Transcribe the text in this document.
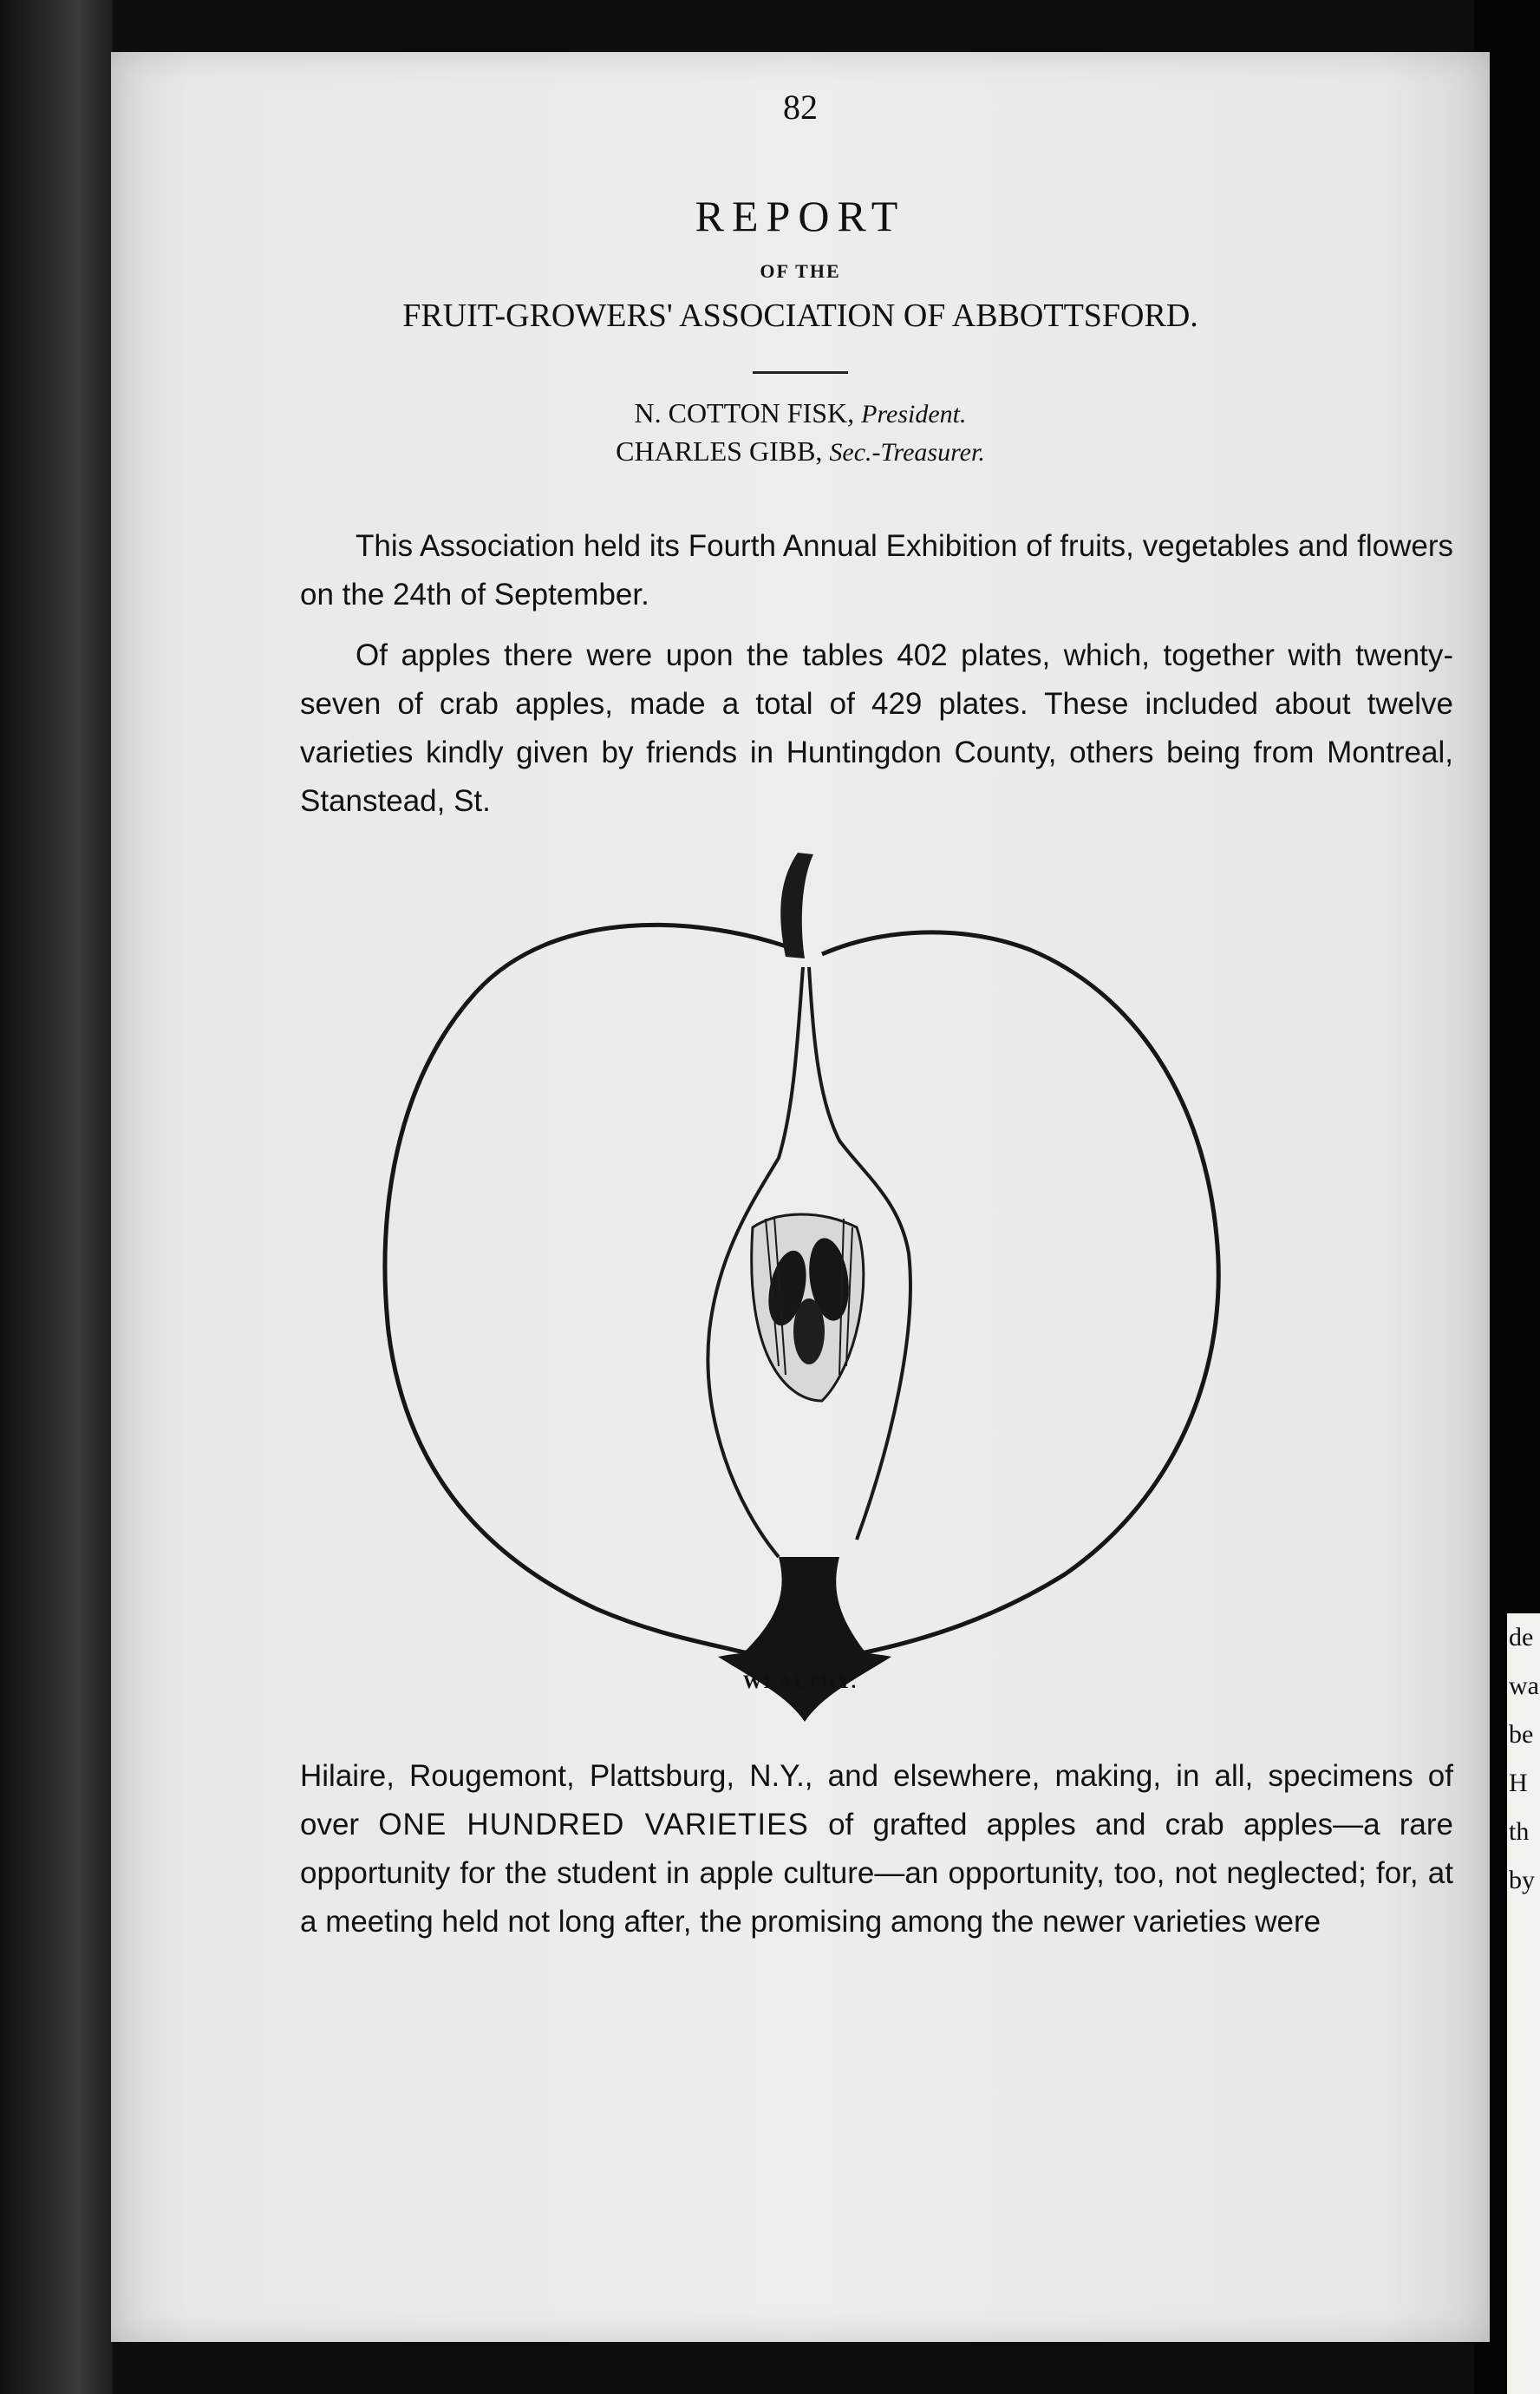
de
wa
be
H
th
by
82
REPORT
OF THE
FRUIT-GROWERS' ASSOCIATION OF ABBOTTSFORD.
N. COTTON FISK, President.
CHARLES GIBB, Sec.-Treasurer.

This Association held its Fourth Annual Exhibition of fruits, vegetables and flowers on the 24th of September.

Of apples there were upon the tables 402 plates, which, together with twenty-seven of crab apples, made a total of 429 plates. These included about twelve varieties kindly given by friends in Huntingdon County, others being from Montreal, Stanstead, St.

WEALTHY.

Hilaire, Rougemont, Plattsburg, N.Y., and elsewhere, making, in all, specimens of over ONE HUNDRED VARIETIES of grafted apples and crab apples—a rare opportunity for the student in apple culture—an opportunity, too, not neglected; for, at a meeting held not long after, the promising among the newer varieties were
